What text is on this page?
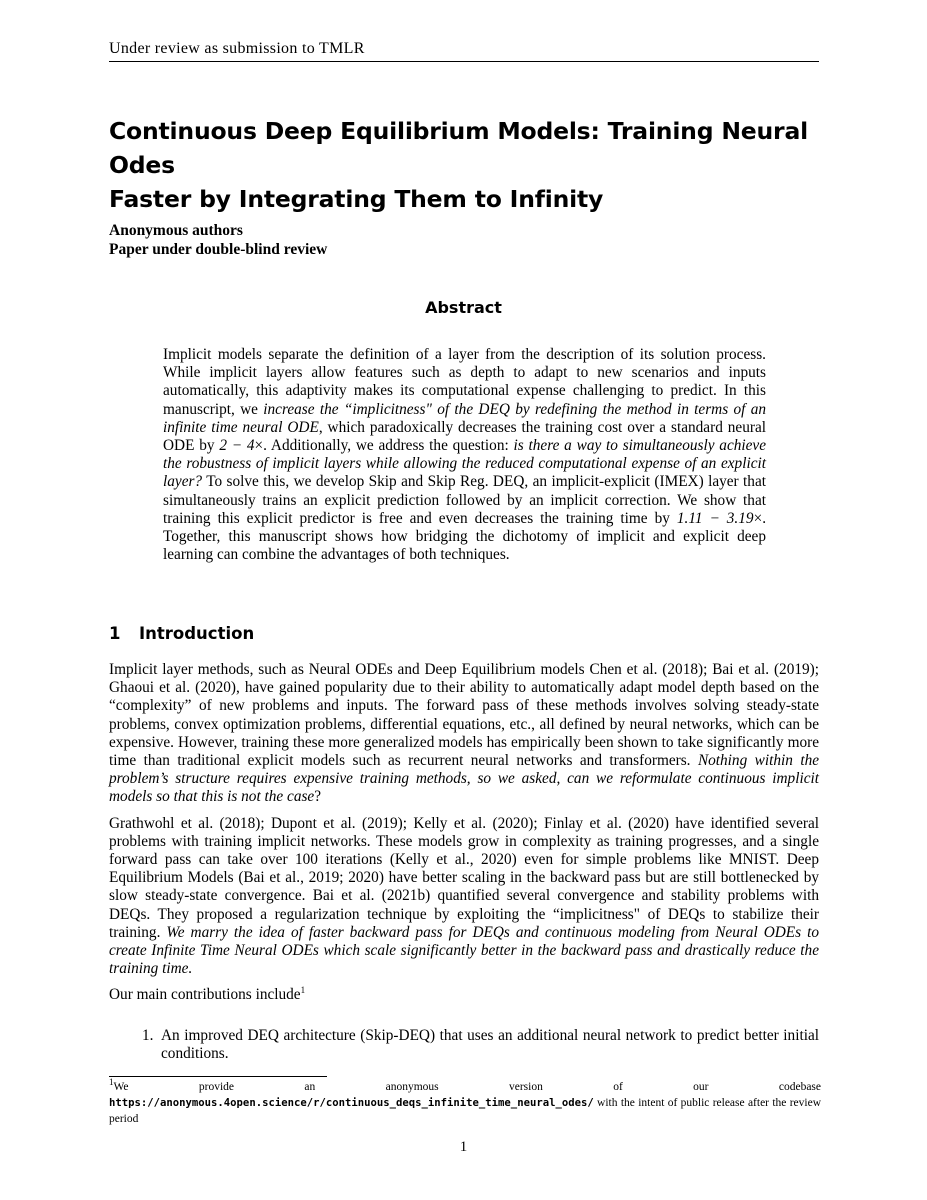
Under review as submission to TMLR
Continuous Deep Equilibrium Models: Training Neural Odes
Faster by Integrating Them to Infinity
Anonymous authors
Paper under double-blind review
Abstract
Implicit models separate the definition of a layer from the description of its solution process. While implicit layers allow features such as depth to adapt to new scenarios and inputs automatically, this adaptivity makes its computational expense challenging to predict. In this manuscript, we increase the “implicitness" of the DEQ by redefining the method in terms of an infinite time neural ODE, which paradoxically decreases the training cost over a standard neural ODE by 2 − 4×. Additionally, we address the question: is there a way to simultaneously achieve the robustness of implicit layers while allowing the reduced computational expense of an explicit layer? To solve this, we develop Skip and Skip Reg. DEQ, an implicit-explicit (IMEX) layer that simultaneously trains an explicit prediction followed by an implicit correction. We show that training this explicit predictor is free and even decreases the training time by 1.11 − 3.19×. Together, this manuscript shows how bridging the dichotomy of implicit and explicit deep learning can combine the advantages of both techniques.
1 Introduction

Implicit layer methods, such as Neural ODEs and Deep Equilibrium models Chen et al. (2018); Bai et al. (2019); Ghaoui et al. (2020), have gained popularity due to their ability to automatically adapt model depth based on the “complexity” of new problems and inputs. The forward pass of these methods involves solving steady-state problems, convex optimization problems, differential equations, etc., all defined by neural networks, which can be expensive. However, training these more generalized models has empirically been shown to take significantly more time than traditional explicit models such as recurrent neural networks and transformers. Nothing within the problem’s structure requires expensive training methods, so we asked, can we reformulate continuous implicit models so that this is not the case?

Grathwohl et al. (2018); Dupont et al. (2019); Kelly et al. (2020); Finlay et al. (2020) have identified several problems with training implicit networks. These models grow in complexity as training progresses, and a single forward pass can take over 100 iterations (Kelly et al., 2020) even for simple problems like MNIST. Deep Equilibrium Models (Bai et al., 2019; 2020) have better scaling in the backward pass but are still bottlenecked by slow steady-state convergence. Bai et al. (2021b) quantified several convergence and stability problems with DEQs. They proposed a regularization technique by exploiting the “implicitness" of DEQs to stabilize their training. We marry the idea of faster backward pass for DEQs and continuous modeling from Neural ODEs to create Infinite Time Neural ODEs which scale significantly better in the backward pass and drastically reduce the training time.

Our main contributions include$^1$

1. An improved DEQ architecture (Skip-DEQ) that uses an additional neural network to predict better initial conditions.
$^1$We provide an anonymous version of our codebase https://anonymous.4open.science/r/continuous_deqs_infinite_time_neural_odes/ with the intent of public release after the review period
1
